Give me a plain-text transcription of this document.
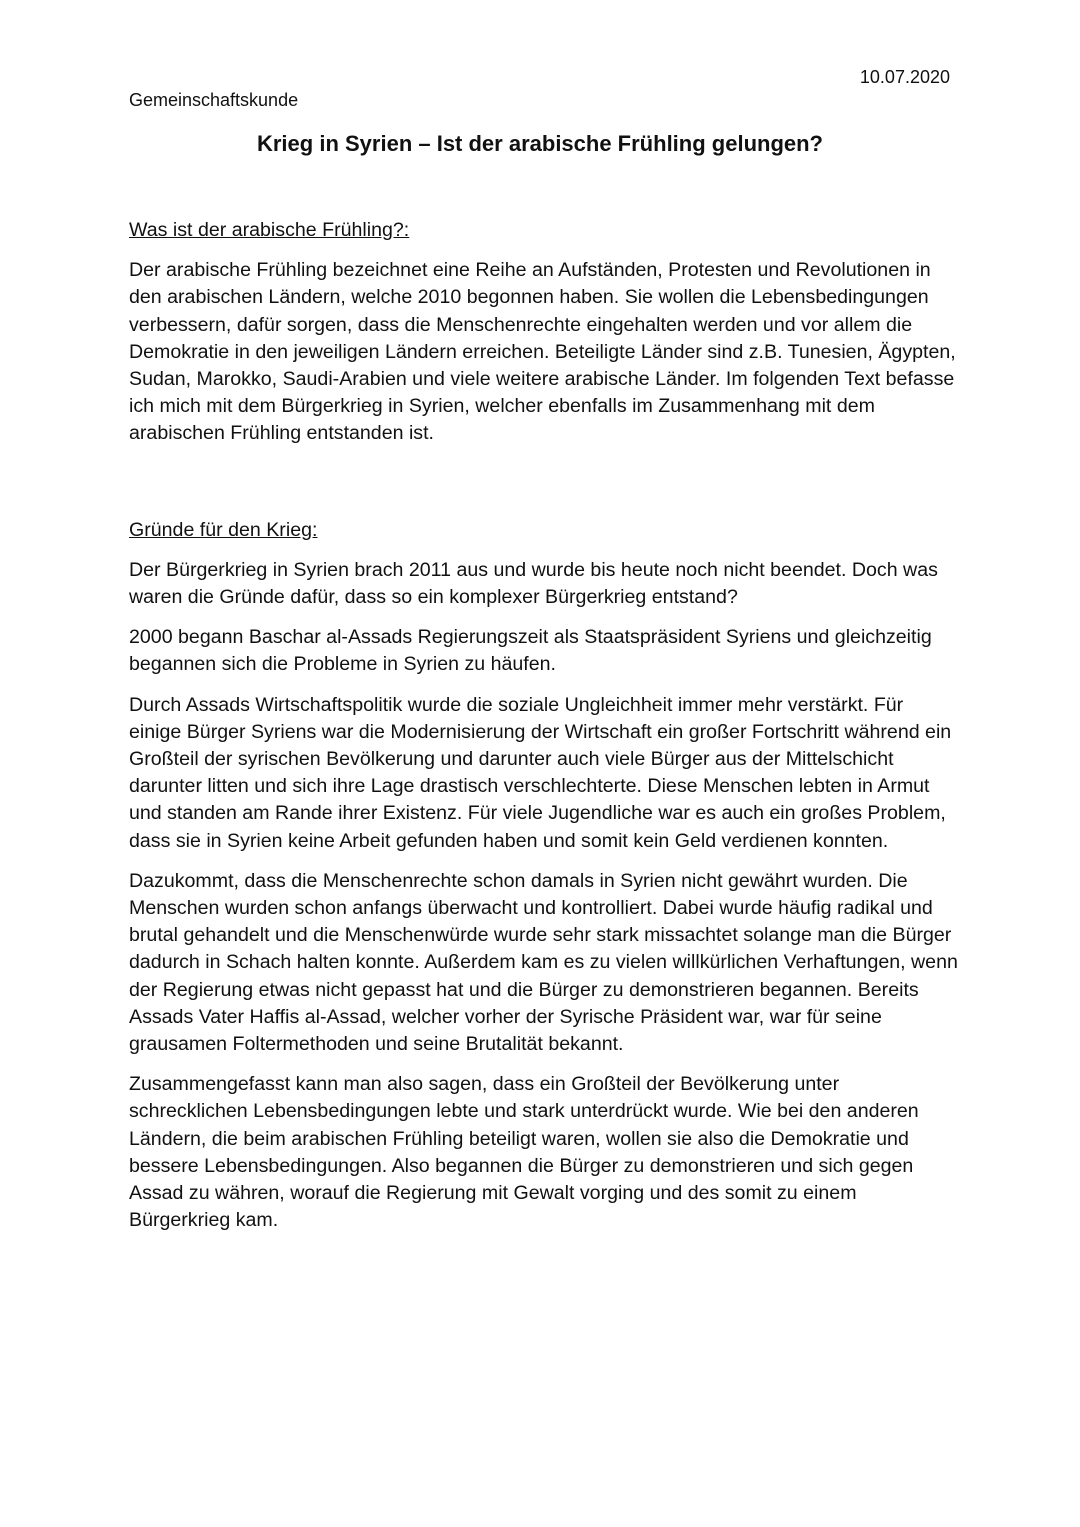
10.07.2020
Gemeinschaftskunde
Krieg in Syrien – Ist der arabische Frühling gelungen?
Was ist der arabische Frühling?:

Der arabische Frühling bezeichnet eine Reihe an Aufständen, Protesten und Revolutionen in den arabischen Ländern, welche 2010 begonnen haben. Sie wollen die Lebensbedingungen verbessern, dafür sorgen, dass die Menschenrechte eingehalten werden und vor allem die Demokratie in den jeweiligen Ländern erreichen. Beteiligte Länder sind z.B. Tunesien, Ägypten, Sudan, Marokko, Saudi-Arabien und viele weitere arabische Länder. Im folgenden Text befasse ich mich mit dem Bürgerkrieg in Syrien, welcher ebenfalls im Zusammenhang mit dem arabischen Frühling entstanden ist.

Gründe für den Krieg:

Der Bürgerkrieg in Syrien brach 2011 aus und wurde bis heute noch nicht beendet. Doch was waren die Gründe dafür, dass so ein komplexer Bürgerkrieg entstand?

2000 begann Baschar al-Assads Regierungszeit als Staatspräsident Syriens und gleichzeitig begannen sich die Probleme in Syrien zu häufen.

Durch Assads Wirtschaftspolitik wurde die soziale Ungleichheit immer mehr verstärkt. Für einige Bürger Syriens war die Modernisierung der Wirtschaft ein großer Fortschritt während ein Großteil der syrischen Bevölkerung und darunter auch viele Bürger aus der Mittelschicht darunter litten und sich ihre Lage drastisch verschlechterte. Diese Menschen lebten in Armut und standen am Rande ihrer Existenz. Für viele Jugendliche war es auch ein großes Problem, dass sie in Syrien keine Arbeit gefunden haben und somit kein Geld verdienen konnten.

Dazukommt, dass die Menschenrechte schon damals in Syrien nicht gewährt wurden. Die Menschen wurden schon anfangs überwacht und kontrolliert. Dabei wurde häufig radikal und brutal gehandelt und die Menschenwürde wurde sehr stark missachtet solange man die Bürger dadurch in Schach halten konnte. Außerdem kam es zu vielen willkürlichen Verhaftungen, wenn der Regierung etwas nicht gepasst hat und die Bürger zu demonstrieren begannen. Bereits Assads Vater Haffis al-Assad, welcher vorher der Syrische Präsident war, war für seine grausamen Foltermethoden und seine Brutalität bekannt.

Zusammengefasst kann man also sagen, dass ein Großteil der Bevölkerung unter schrecklichen Lebensbedingungen lebte und stark unterdrückt wurde. Wie bei den anderen Ländern, die beim arabischen Frühling beteiligt waren, wollen sie also die Demokratie und bessere Lebensbedingungen. Also begannen die Bürger zu demonstrieren und sich gegen Assad zu währen, worauf die Regierung mit Gewalt vorging und des somit zu einem Bürgerkrieg kam.
